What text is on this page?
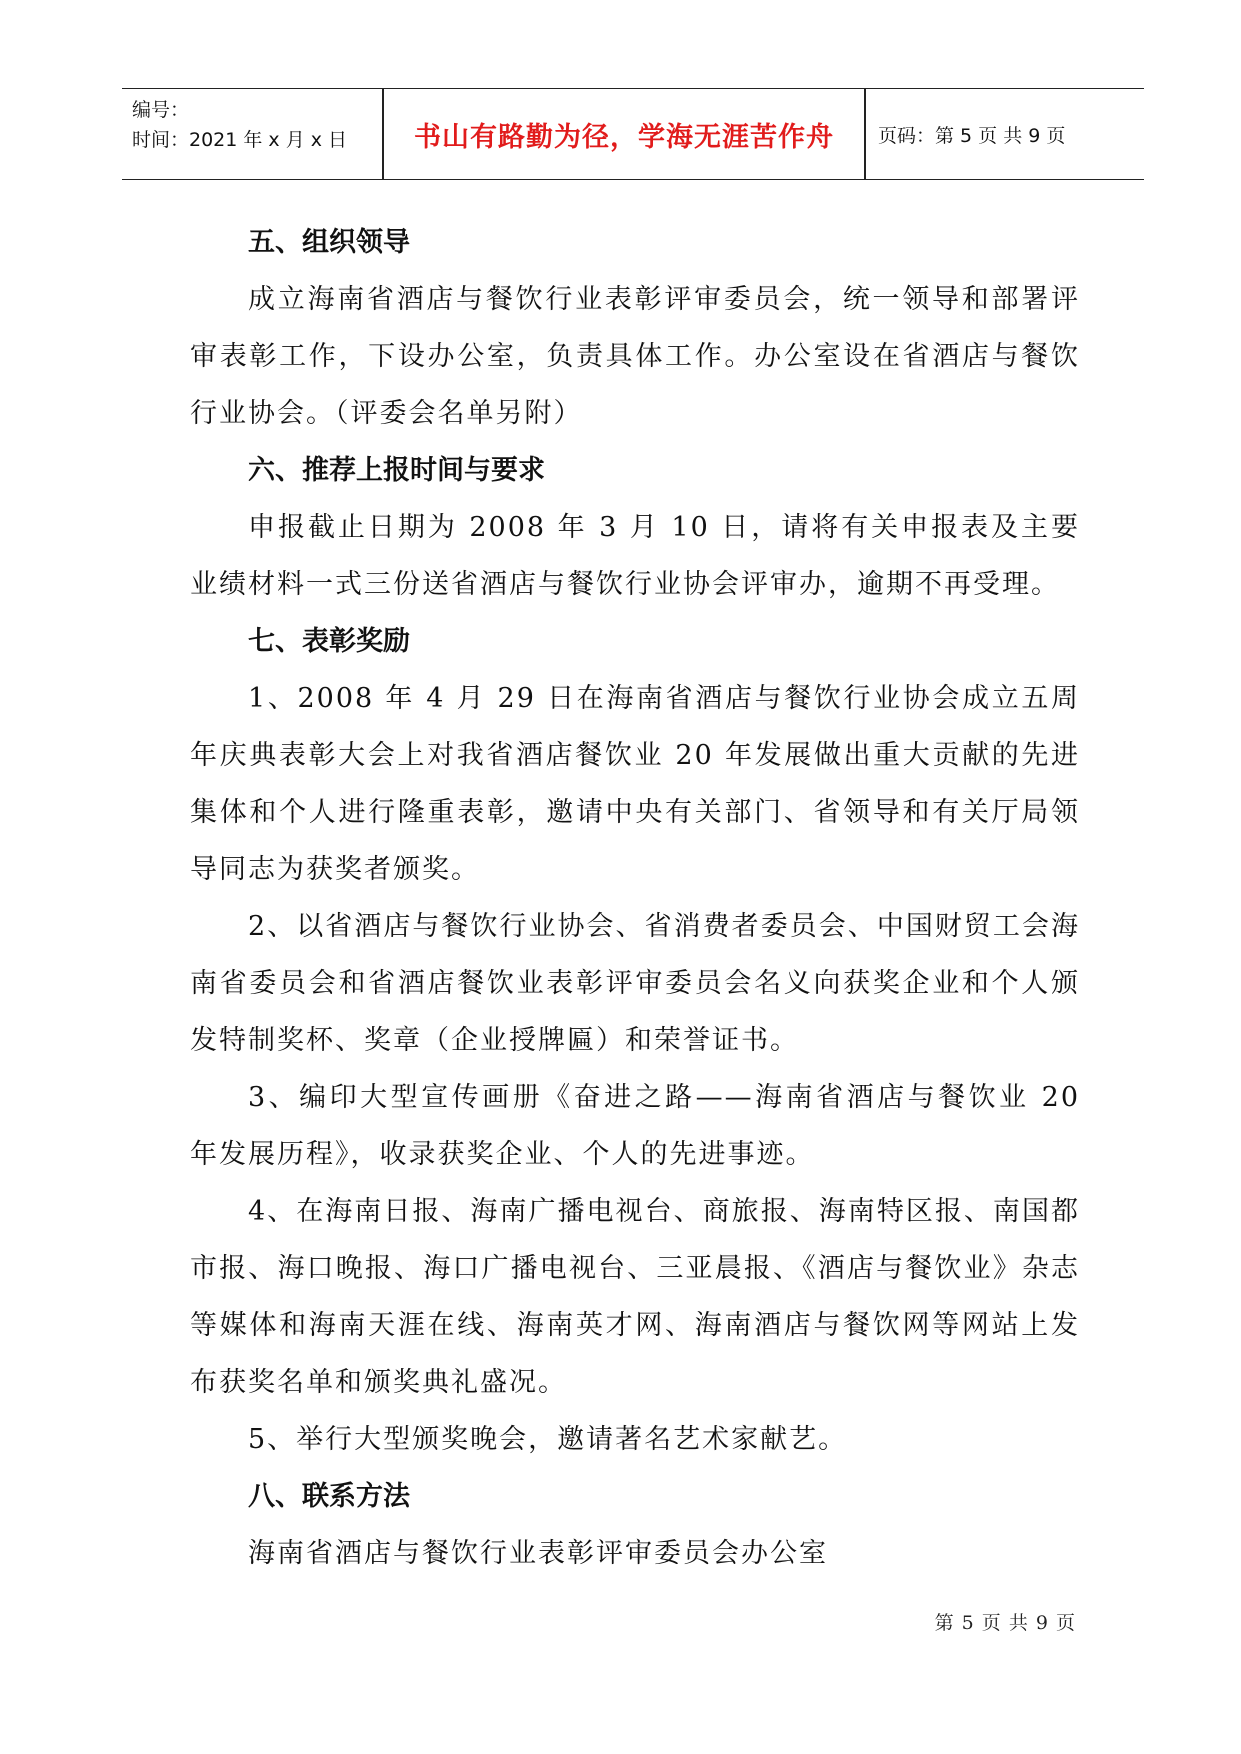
编号：
时间：2021 年 x 月 x 日	书山有路勤为径，学海无涯苦作舟	页码：第 5 页 共 9 页
五、组织领导

成立海南省酒店与餐饮行业表彰评审委员会，统一领导和部署评审表彰工作，下设办公室，负责具体工作。办公室设在省酒店与餐饮行业协会。（评委会名单另附）

六、推荐上报时间与要求

申报截止日期为 2008 年 3 月 10 日，请将有关申报表及主要业绩材料一式三份送省酒店与餐饮行业协会评审办，逾期不再受理。

七、表彰奖励

1、2008 年 4 月 29 日在海南省酒店与餐饮行业协会成立五周年庆典表彰大会上对我省酒店餐饮业 20 年发展做出重大贡献的先进集体和个人进行隆重表彰，邀请中央有关部门、省领导和有关厅局领导同志为获奖者颁奖。

2、以省酒店与餐饮行业协会、省消费者委员会、中国财贸工会海南省委员会和省酒店餐饮业表彰评审委员会名义向获奖企业和个人颁发特制奖杯、奖章（企业授牌匾）和荣誉证书。

3、编印大型宣传画册《奋进之路——海南省酒店与餐饮业 20 年发展历程》，收录获奖企业、个人的先进事迹。

4、在海南日报、海南广播电视台、商旅报、海南特区报、南国都市报、海口晚报、海口广播电视台、三亚晨报、《酒店与餐饮业》杂志等媒体和海南天涯在线、海南英才网、海南酒店与餐饮网等网站上发布获奖名单和颁奖典礼盛况。

5、举行大型颁奖晚会，邀请著名艺术家献艺。

八、联系方法

海南省酒店与餐饮行业表彰评审委员会办公室

第 5 页 共 9 页
